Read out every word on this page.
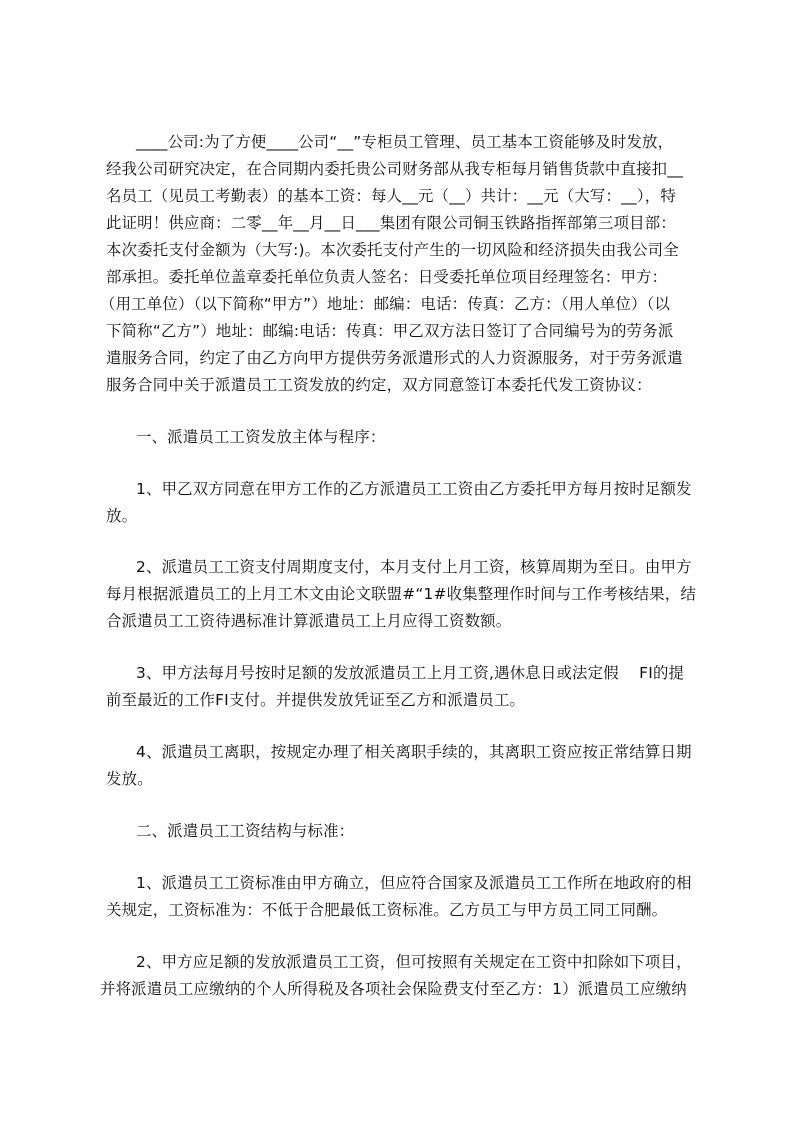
____公司:为了方便____公司“__”专柜员工管理、员工基本工资能够及时发放，
经我公司研究决定，在合同期内委托贵公司财务部从我专柜每月销售货款中直接扣__
名员工（见员工考勤表）的基本工资：每人__元（__）共计：__元（大写：__），特
此证明！供应商：二零__年__月__日___集团有限公司铜玉铁路指挥部第三项目部：
本次委托支付金额为（大写:)。本次委托支付产生的一切风险和经济损失由我公司全
部承担。委托单位盖章委托单位负责人签名：日受委托单位项目经理签名：甲方：
（用工单位）（以下简称“甲方”）地址：邮编：电话：传真：乙方：（用人单位）（以
下简称“乙方”）地址：邮编:电话：传真：甲乙双方法日签订了合同编号为的劳务派
遣服务合同，约定了由乙方向甲方提供劳务派遣形式的人力资源服务，对于劳务派遣
服务合同中关于派遣员工工资发放的约定，双方同意签订本委托代发工资协议：
一、派遣员工工资发放主体与程序：
1、甲乙双方同意在甲方工作的乙方派遣员工工资由乙方委托甲方每月按时足额发
放。
2、派遣员工工资支付周期度支付，本月支付上月工资，核算周期为至日。由甲方
每月根据派遣员工的上月工木文由论文联盟#“1#收集整理作时间与工作考核结果，结
合派遣员工工资待遇标准计算派遣员工上月应得工资数额。
3、甲方法每月号按时足额的发放派遣员工上月工资,遇休息日或法定假    FI的提
前至最近的工作FI支付。并提供发放凭证至乙方和派遣员工。
4、派遣员工离职，按规定办理了相关离职手续的，其离职工资应按正常结算日期
发放。
二、派遣员工工资结构与标准：
1、派遣员工工资标准由甲方确立，但应符合国家及派遣员工工作所在地政府的相
关规定，工资标准为：不低于合肥最低工资标准。乙方员工与甲方员工同工同酬。
2、甲方应足额的发放派遣员工工资，但可按照有关规定在工资中扣除如下项目，
并将派遣员工应缴纳的个人所得税及各项社会保险费支付至乙方：1）派遣员工应缴纳
